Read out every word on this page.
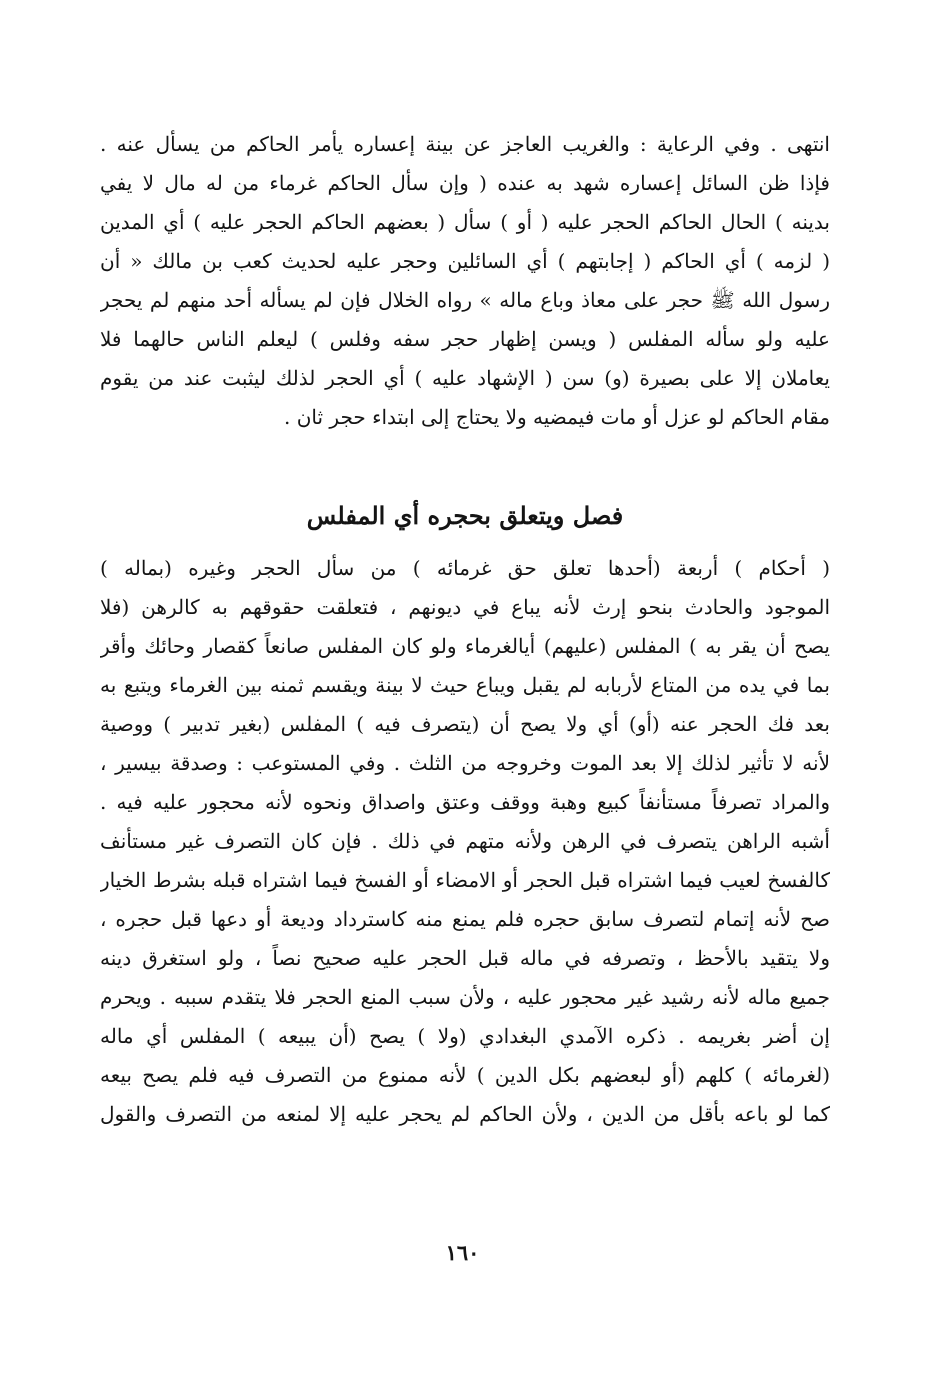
انتهى . وفي الرعاية : والغريب العاجز عن بينة إعساره يأمر الحاكم من يسأل عنه .
فإذا ظن السائل إعساره شهد به عنده ( وإن سأل الحاكم غرماء من له مال لا يفي
بدينه ) الحال الحاكم الحجر عليه ( أو ) سأل ( بعضهم الحاكم الحجر عليه ) أي المدين
( لزمه ) أي الحاكم ( إجابتهم ) أي السائلين وحجر عليه لحديث كعب بن مالك « أن
رسول الله ﷺ حجر على معاذ وباع ماله » رواه الخلال فإن لم يسأله أحد منهم لم يحجر
عليه ولو سأله المفلس ( ويسن إظهار حجر سفه وفلس ) ليعلم الناس حالهما فلا
يعاملان إلا على بصيرة (و) سن ( الإشهاد عليه ) أي الحجر لذلك ليثبت عند من يقوم
مقام الحاكم لو عزل أو مات فيمضيه ولا يحتاج إلى ابتداء حجر ثان .
فصل ويتعلق بحجره أي المفلس
( أحكام ) أربعة (أحدها تعلق حق غرمائه ) من سأل الحجر وغيره (بماله )
الموجود والحادث بنحو إرث لأنه يباع في ديونهم ، فتعلقت حقوقهم به كالرهن (فلا
يصح أن يقر به ) المفلس (عليهم) أيالغرماء ولو كان المفلس صانعاً كقصار وحائك وأقر
بما في يده من المتاع لأربابه لم يقبل ويباع حيث لا بينة ويقسم ثمنه بين الغرماء ويتبع به
بعد فك الحجر عنه (أو) أي ولا يصح أن (يتصرف فيه ) المفلس (بغير تدبير ) ووصية
لأنه لا تأثير لذلك إلا بعد الموت وخروجه من الثلث . وفي المستوعب : وصدقة بيسير ،
والمراد تصرفاً مستأنفاً كبيع وهبة ووقف وعتق واصداق ونحوه لأنه محجور عليه فيه .
أشبه الراهن يتصرف في الرهن ولأنه متهم في ذلك . فإن كان التصرف غير مستأنف
كالفسخ لعيب فيما اشتراه قبل الحجر أو الامضاء أو الفسخ فيما اشتراه قبله بشرط الخيار
صح لأنه إتمام لتصرف سابق حجره فلم يمنع منه كاسترداد وديعة أو دعها قبل حجره ،
ولا يتقيد بالأحظ ، وتصرفه في ماله قبل الحجر عليه صحيح نصاً ، ولو استغرق دينه
جميع ماله لأنه رشيد غير محجور عليه ، ولأن سبب المنع الحجر فلا يتقدم سببه . ويحرم
إن أضر بغريمه . ذكره الآمدي البغدادي (ولا ) يصح (أن يبيعه ) المفلس أي ماله
(لغرمائه ) كلهم (أو لبعضهم بكل الدين ) لأنه ممنوع من التصرف فيه فلم يصح بيعه
كما لو باعه بأقل من الدين ، ولأن الحاكم لم يحجر عليه إلا لمنعه من التصرف والقول
١٦٠
